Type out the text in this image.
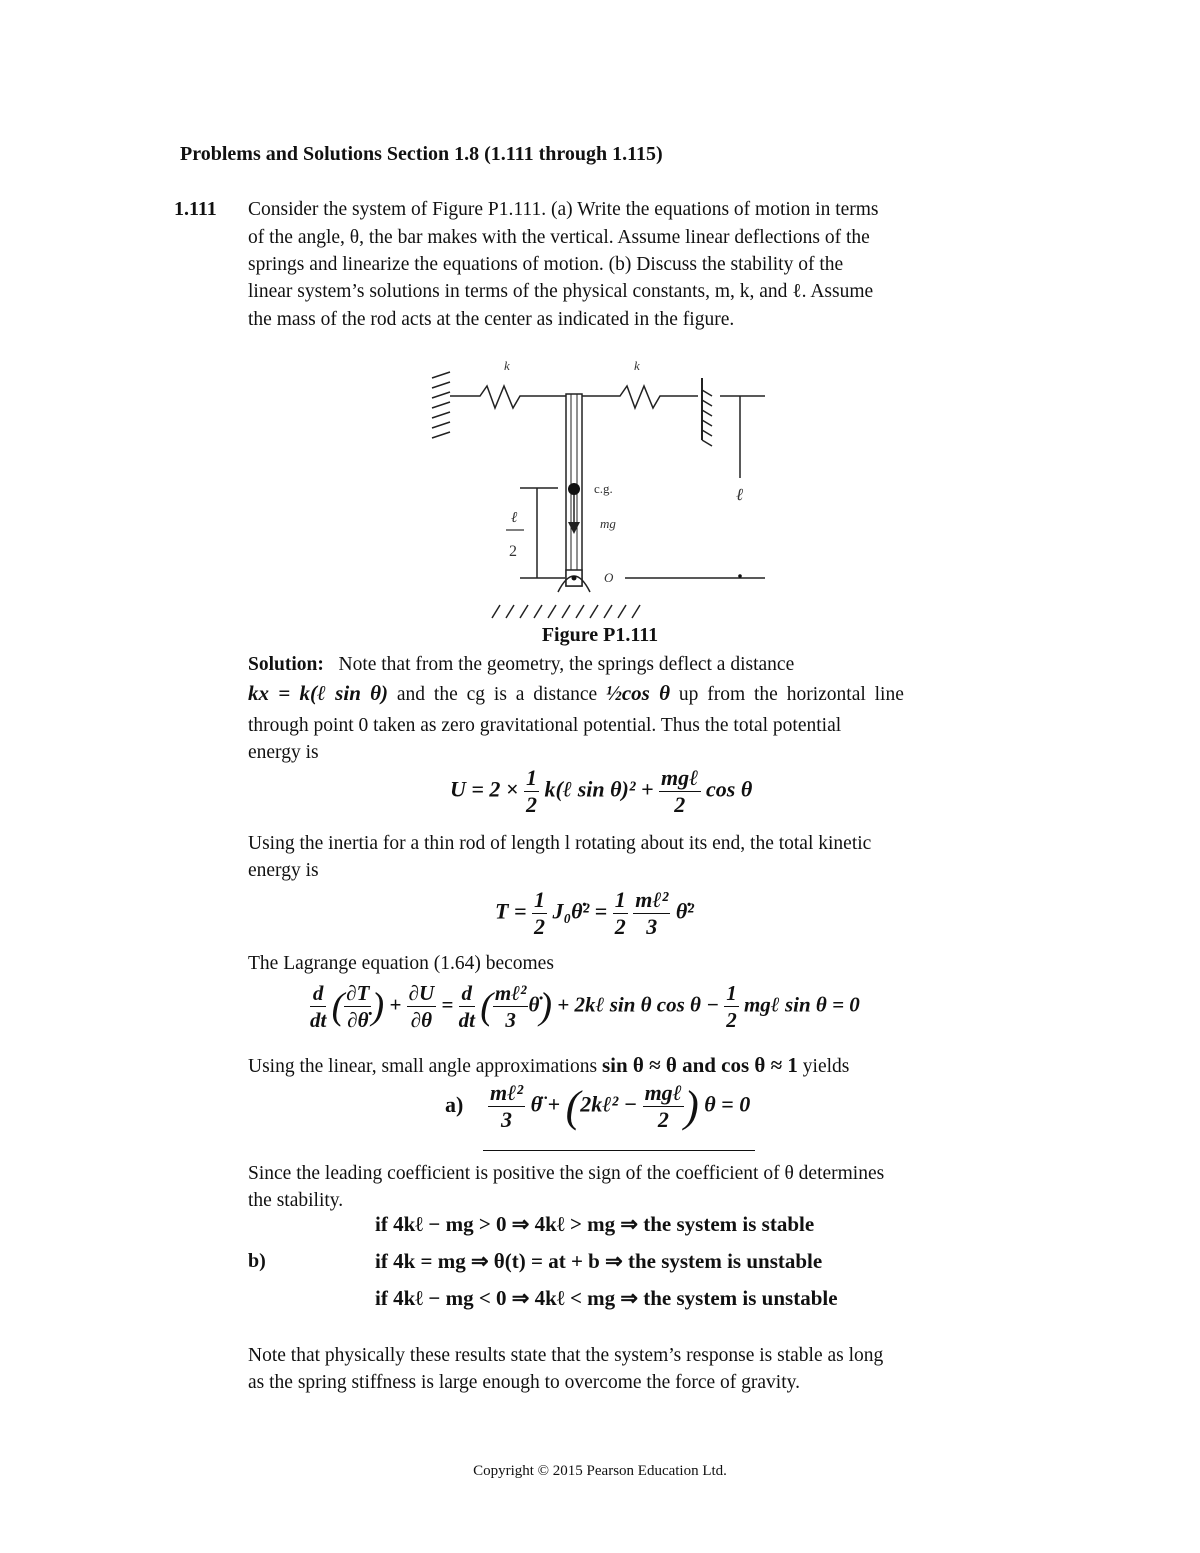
Problems and Solutions Section 1.8 (1.111 through 1.115)
1.111 Consider the system of Figure P1.111. (a) Write the equations of motion in terms
of the angle, θ, the bar makes with the vertical. Assume linear deflections of the
springs and linearize the equations of motion. (b) Discuss the stability of the
linear system’s solutions in terms of the physical constants, m, k, and ℓ. Assume
the mass of the rod acts at the center as indicated in the figure.
k	k
c.g.
mg
ℓ
ℓ
2
O
Figure P1.111
Solution: Note that from the geometry, the springs deflect a distance
kx = k(ℓ sin θ) and the cg is a distance ½cos θ up from the horizontal line
through point 0 taken as zero gravitational potential. Thus the total potential
energy is
$U = 2 \times \frac{1}{2}$ k(ℓ $\sin \theta)^2 + \frac{\text{mgℓ}}{2}$ cos θ
Using the inertia for a thin rod of length l rotating about its end, the total kinetic
energy is
$T = \frac{1}{2}$ J₀θ̇² = $\frac{1}{2}$
$\frac{\text{mℓ²}}{3}$ θ̇²
The Lagrange equation (1.64) becomes
$\frac{d}{dt}$ ( $\frac{\partial T}{\partial\thetȧ}$ ) + $\frac{\partial U}{\partial\theta} = \frac{d}{dt}$ ( $\frac{\text{mℓ²}}{3}$ θ̇) + 2kℓ sin θ $\cos \theta - \frac{1}{2}$ mgℓ sin θ = 0
Using the linear, small angle approximations sin θ ≈ θ and cos θ ≈ 1 yields
$a) \frac{\text{mℓ²}}{3}$ θ̈ + (2kℓ² − $\frac{\text{mgℓ}}{2}$ ) θ = 0
Since the leading coefficient is positive the sign of the coefficient of θ determines
the stability.
if 4kℓ − mg > 0 ⇒ 4kℓ > mg ⇒ the system is stable
b)	if 4k = mg ⇒ θ(t) = at + b ⇒ the system is unstable
if 4kℓ − mg < 0 ⇒ 4kℓ < mg ⇒ the system is unstable
Note that physically these results state that the system’s response is stable as long
as the spring stiffness is large enough to overcome the force of gravity.
Copyright © 2015 Pearson Education Ltd.
